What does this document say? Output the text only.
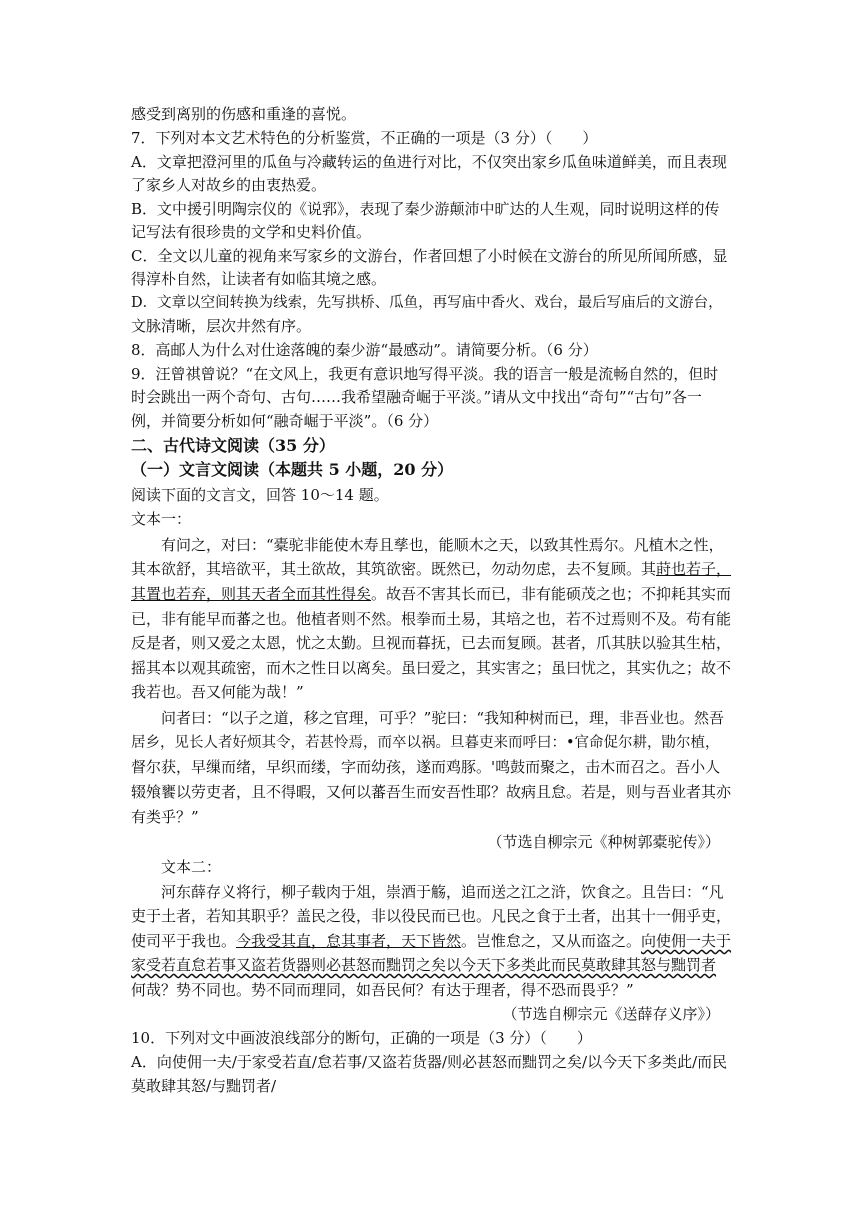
感受到离别的伤感和重逢的喜悦。
7．下列对本文艺术特色的分析鉴赏，不正确的一项是（3 分）（　　）
A．文章把澄河里的瓜鱼与冷藏转运的鱼进行对比，不仅突出家乡瓜鱼味道鲜美，而且表现
了家乡人对故乡的由衷热爱。
B．文中援引明陶宗仪的《说郛》，表现了秦少游颠沛中旷达的人生观，同时说明这样的传
记写法有很珍贵的文学和史料价值。
C．全文以儿童的视角来写家乡的文游台，作者回想了小时候在文游台的所见所闻所感，显
得淳朴自然，让读者有如临其境之感。
D．文章以空间转换为线索，先写拱桥、瓜鱼，再写庙中香火、戏台，最后写庙后的文游台，
文脉清晰，层次井然有序。
8．高邮人为什么对仕途落魄的秦少游“最感动”。请简要分析。（6 分）
9．汪曾祺曾说？“在文风上，我更有意识地写得平淡。我的语言一般是流畅自然的，但时
时会跳出一两个奇句、古句……我希望融奇崛于平淡。”请从文中找出“奇句”“古句”各一
例，并简要分析如何“融奇崛于平淡”。（6 分）
二、古代诗文阅读（35 分）
（一）文言文阅读（本题共 5 小题，20 分）
阅读下面的文言文，回答 10～14 题。
文本一：
有问之，对曰：“橐驼非能使木寿且孳也，能顺木之天，以致其性焉尔。凡植木之性，
其本欲舒，其培欲平，其土欲故，其筑欲密。既然已，勿动勿虑，去不复顾。其莳也若子，
其置也若弃，则其天者全而其性得矣。故吾不害其长而已，非有能硕茂之也；不抑耗其实而
已，非有能早而蕃之也。他植者则不然。根拳而土易，其培之也，若不过焉则不及。苟有能
反是者，则又爱之太恩，忧之太勤。旦视而暮抚，已去而复顾。甚者，爪其肤以验其生枯，
摇其本以观其疏密，而木之性日以离矣。虽曰爱之，其实害之；虽曰忧之，其实仇之；故不
我若也。吾又何能为哉！”
问者曰：“以子之道，移之官理，可乎？”驼曰：“我知种树而已，理，非吾业也。然吾
居乡，见长人者好烦其令，若甚怜焉，而卒以祸。旦暮吏来而呼曰：•官命促尔耕，勖尔植，
督尔获，早缫而绪，早织而缕，字而幼孩，遂而鸡豚。'鸣鼓而聚之，击木而召之。吾小人
辍飧饔以劳吏者，且不得暇，又何以蕃吾生而安吾性耶？故病且怠。若是，则与吾业者其亦
有类乎？”
（节选自柳宗元《种树郭橐驼传》）
文本二：
河东薛存义将行，柳子载肉于俎，崇酒于觞，追而送之江之浒，饮食之。且告曰：“凡
吏于土者，若知其职乎？盖民之役，非以役民而已也。凡民之食于土者，出其十一佣乎吏，
使司平于我也。今我受其直，怠其事者，天下皆然。岂惟怠之，又从而盗之。向使佣一夫于
家受若直怠若事又盗若货器则必甚怒而黜罚之矣以今天下多类此而民莫敢肆其怒与黜罚者
何哉？势不同也。势不同而理同，如吾民何？有达于理者，得不恐而畏乎？”
（节选自柳宗元《送薛存义序》）
10．下列对文中画波浪线部分的断句，正确的一项是（3 分）（　　）
A．向使佣一夫/于家受若直/怠若事/又盗若货器/则必甚怒而黜罚之矣/以今天下多类此/而民
莫敢肆其怒/与黜罚者/
